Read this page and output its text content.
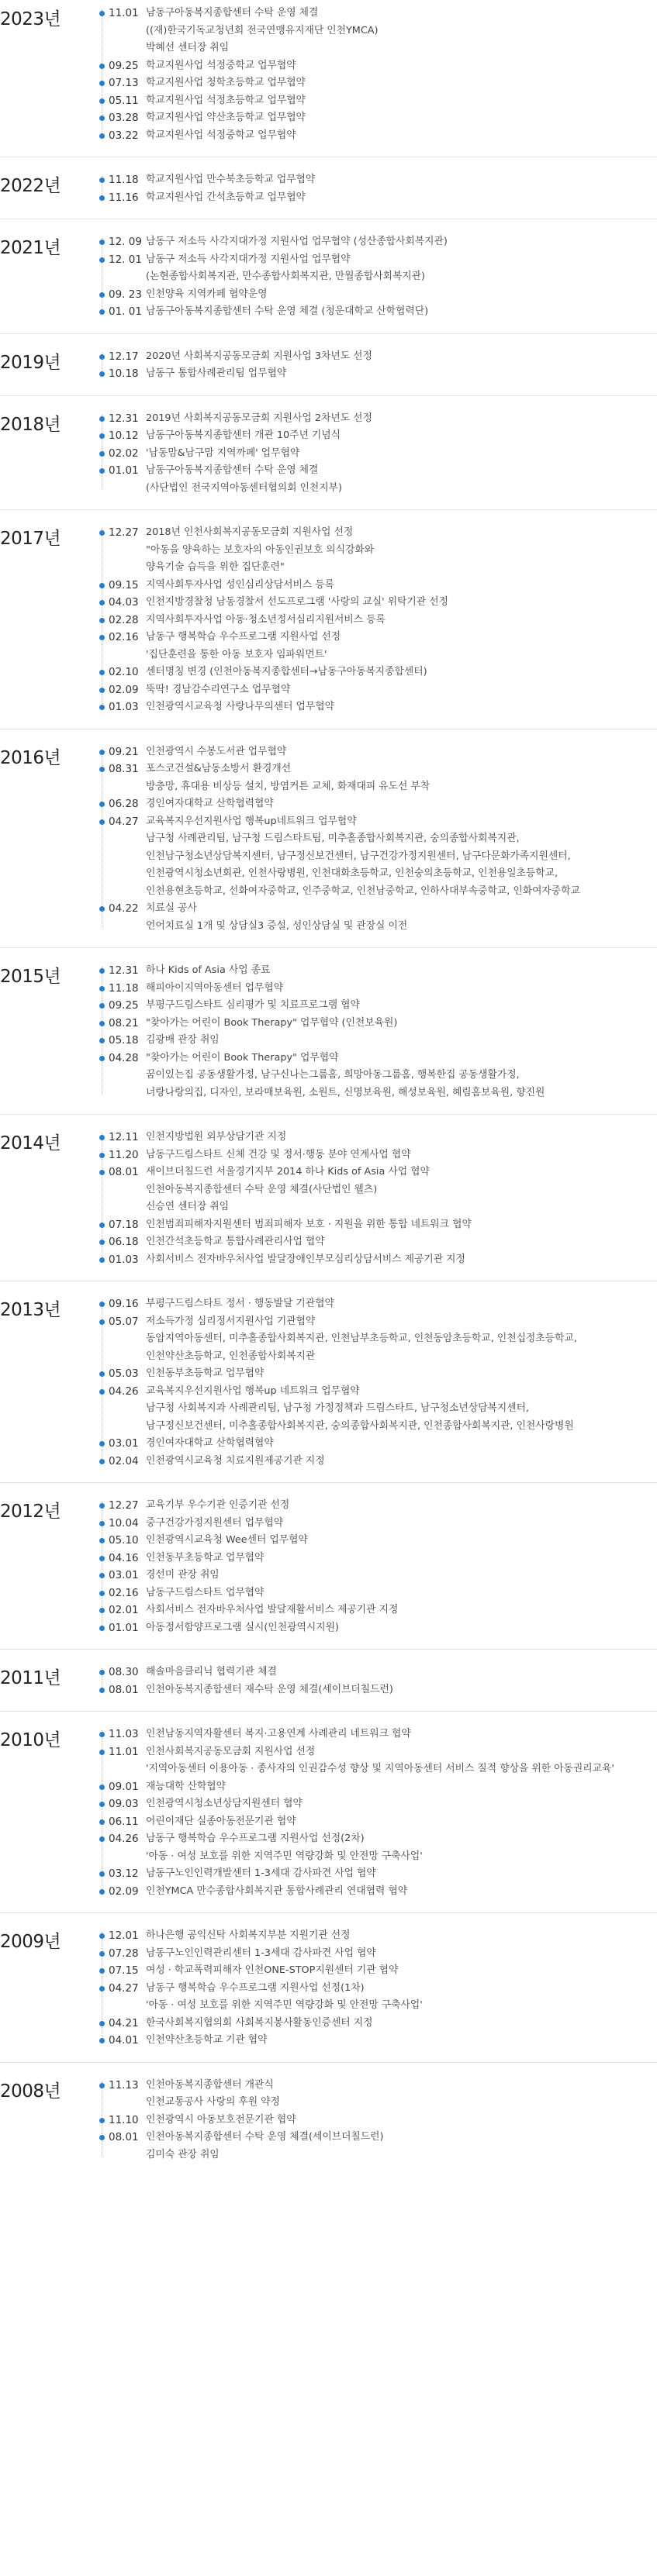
2023년	11.01 남동구아동복지종합센터 수탁 운영 체결
((재)한국기독교청년회 전국연맹유지재단 인천YMCA)
박혜선 센터장 취임
09.25 학교지원사업 석정중학교 업무협약
07.13 학교지원사업 청학초등학교 업무협약
05.11 학교지원사업 석정초등학교 업무협약
03.28 학교지원사업 약산초등학교 업무협약
03.22 학교지원사업 석정중학교 업무협약
2022년	11.18 학교지원사업 만수북초등학교 업무협약
11.16 학교지원사업 간석초등학교 업무협약
2021년	12. 09 남동구 저소득 사각지대가정 지원사업 업무협약 (성산종합사회복지관)
12. 01 남동구 저소득 사각지대가정 지원사업 업무협약
(논현종합사회복지관, 만수종합사회복지관, 만월종합사회복지관)
09. 23 인천양육 지역카페 협약운영
01. 01 남동구아동복지종합센터 수탁 운영 체결 (청운대학교 산학협력단)
2019년	12.17 2020년 사회복지공동모금회 지원사업 3차년도 선정
10.18 남동구 통합사례관리팀 업무협약
2018년	12.31 2019년 사회복지공동모금회 지원사업 2차년도 선정
10.12 남동구아동복지종합센터 개관 10주년 기념식
02.02 '남동맘&남구맘 지역까페' 업무협약
01.01 남동구아동복지종합센터 수탁 운영 체결
(사단법인 전국지역아동센터협의회 인천지부)
2017년	12.27 2018년 인천사회복지공동모금회 지원사업 선정
"아동을 양육하는 보호자의 아동인권보호 의식강화와
양육기술 습득을 위한 집단훈련"
09.15 지역사회투자사업 성인심리상담서비스 등록
04.03 인천지방경찰청 남동경찰서 선도프로그램 '사랑의 교실' 위탁기관 선정
02.28 지역사회투자사업 아동·청소년정서심리지원서비스 등록
02.16 남동구 행복학습 우수프로그램 지원사업 선정
'집단훈련을 통한 아동 보호자 임파워먼트'
02.10 센터명칭 변경 (인천아동복지종합센터→남동구아동복지종합센터)
02.09 뚝딱! 경남감수리연구소 업무협약
01.03 인천광역시교육청 사랑나무의센터 업무협약
2016년	09.21 인천광역시 수봉도서관 업무협약
08.31 포스코건설&남동소방서 환경개선
방충망, 휴대용 비상등 설치, 방염커튼 교체, 화재대피 유도선 부착
06.28 경인여자대학교 산학협력협약
04.27 교육복지우선지원사업 행복up네트워크 업무협약
남구청 사례관리팀, 남구청 드림스타트팀, 미추홀종합사회복지관, 숭의종합사회복지관,
인천남구청소년상담복지센터, 남구정신보건센터, 남구건강가정지원센터, 남구다문화가족지원센터,
인천광역시청소년회관, 인천사랑병원, 인천대화초등학교, 인천숭의초등학교, 인천용일초등학교,
인천용현초등학교, 선화여자중학교, 인주중학교, 인천남중학교, 인하사대부속중학교, 인화여자중학교
04.22 치료실 공사
언어치료실 1개 및 상담실3 증설, 성인상담실 및 관장실 이전
2015년	12.31 하나 Kids of Asia 사업 종료
11.18 해피아이지역아동센터 업무협약
09.25 부평구드림스타트 심리평가 및 치료프로그램 협약
08.21 "찾아가는 어린이 Book Therapy" 업무협약 (인천보육원)
05.18 김광배 관장 취임
04.28 "찾아가는 어린이 Book Therapy" 업무협약
꿈이있는집 공동생활가정, 남구신나는그룹홈, 희망아동그룹홈, 행복한집 공동생활가정,
너랑나랑의집, 디자인, 보라매보육원, 소원트, 신명보육원, 해성보육원, 혜림홈보육원, 향진원
2014년	12.11 인천지방법원 외부상담기관 지정
11.20 남동구드림스타트 신체 건강 및 정서·행동 분야 연계사업 협약
08.01 새이브더칠드런 서울경기지부 2014 하나 Kids of Asia 사업 협약
인천아동복지종합센터 수탁 운영 체결(사단법인 웰츠)
신승연 센터장 취임
07.18 인천범죄피해자지원센터 범죄피해자 보호 · 지원을 위한 통합 네트워크 협약
06.18 인천간석초등학교 통합사례관리사업 협약
01.03 사회서비스 전자바우처사업 발달장애인부모심리상담서비스 제공기관 지정
2013년	09.16 부평구드림스타트 정서 · 행동발달 기관협약
05.07 저소득가정 심리정서지원사업 기관협약
동암지역아동센터, 미추홀종합사회복지관, 인천남부초등학교, 인천동암초등학교, 인천십정초등학교,
인천약산초등학교, 인천종합사회복지관
05.03 인천동부초등학교 업무협약
04.26 교육복지우선지원사업 행복up 네트워크 업무협약
남구청 사회복지과 사례관리팀, 남구청 가정정책과 드림스타트, 남구청소년상담복지센터,
남구정신보건센터, 미추홀종합사회복지관, 숭의종합사회복지관, 인천종합사회복지관, 인천사랑병원
03.01 경인여자대학교 산학협력협약
02.04 인천광역시교육청 치료지원제공기관 지정
2012년	12.27 교육기부 우수기관 인증기관 선정
10.04 중구건강가정지원센터 업무협약
05.10 인천광역시교육청 Wee센터 업무협약
04.16 인천동부초등학교 업무협약
03.01 경선미 관장 취임
02.16 남동구드림스타트 업무협약
02.01 사회서비스 전자바우처사업 발달재활서비스 제공기관 지정
01.01 아동정서함양프로그램 실시(인천광역시지원)
2011년	08.30 해솔마음클리닉 협력기관 체결
08.01 인천아동복지종합센터 재수탁 운영 체결(세이브더칠드런)
2010년	11.03 인천남동지역자활센터 복지·고용연계 사례관리 네트워크 협약
11.01 인천사회복지공동모금회 지원사업 선정
'지역아동센터 이용아동 · 종사자의 인권감수성 향상 및 지역아동센터 서비스 질적 향상을 위한 아동권리교육'
09.01 재능대학 산학협약
09.03 인천광역시청소년상담지원센터 협약
06.11 어린이재단 실종아동전문기관 협약
04.26 남동구 행복학습 우수프로그램 지원사업 선정(2차)
'아동 · 여성 보호를 위한 지역주민 역량강화 및 안전망 구축사업'
03.12 남동구노인인력개발센터 1-3세대 감사파견 사업 협약
02.09 인천YMCA 만수종합사회복지관 통합사례관리 연대협력 협약
2009년	12.01 하나은행 공익신탁 사회복지부분 지원기관 선정
07.28 남동구노인인력관리센터 1-3세대 감사파견 사업 협약
07.15 여성 · 학교폭력피해자 인천ONE-STOP지원센터 기관 협약
04.27 남동구 행복학습 우수프로그램 지원사업 선정(1차)
'아동 · 여성 보호를 위한 지역주민 역량강화 및 안전망 구축사업'
04.21 한국사회복지협의회 사회복지봉사활동인증센터 지정
04.01 인천약산초등학교 기관 협약
2008년	11.13 인천아동복지종합센터 개관식
인천교통공사 사랑의 후원 약정
11.10 인천광역시 아동보호전문기관 협약
08.01 인천아동복지종합센터 수탁 운영 체결(세이브더칠드런)
김미숙 관장 취임
